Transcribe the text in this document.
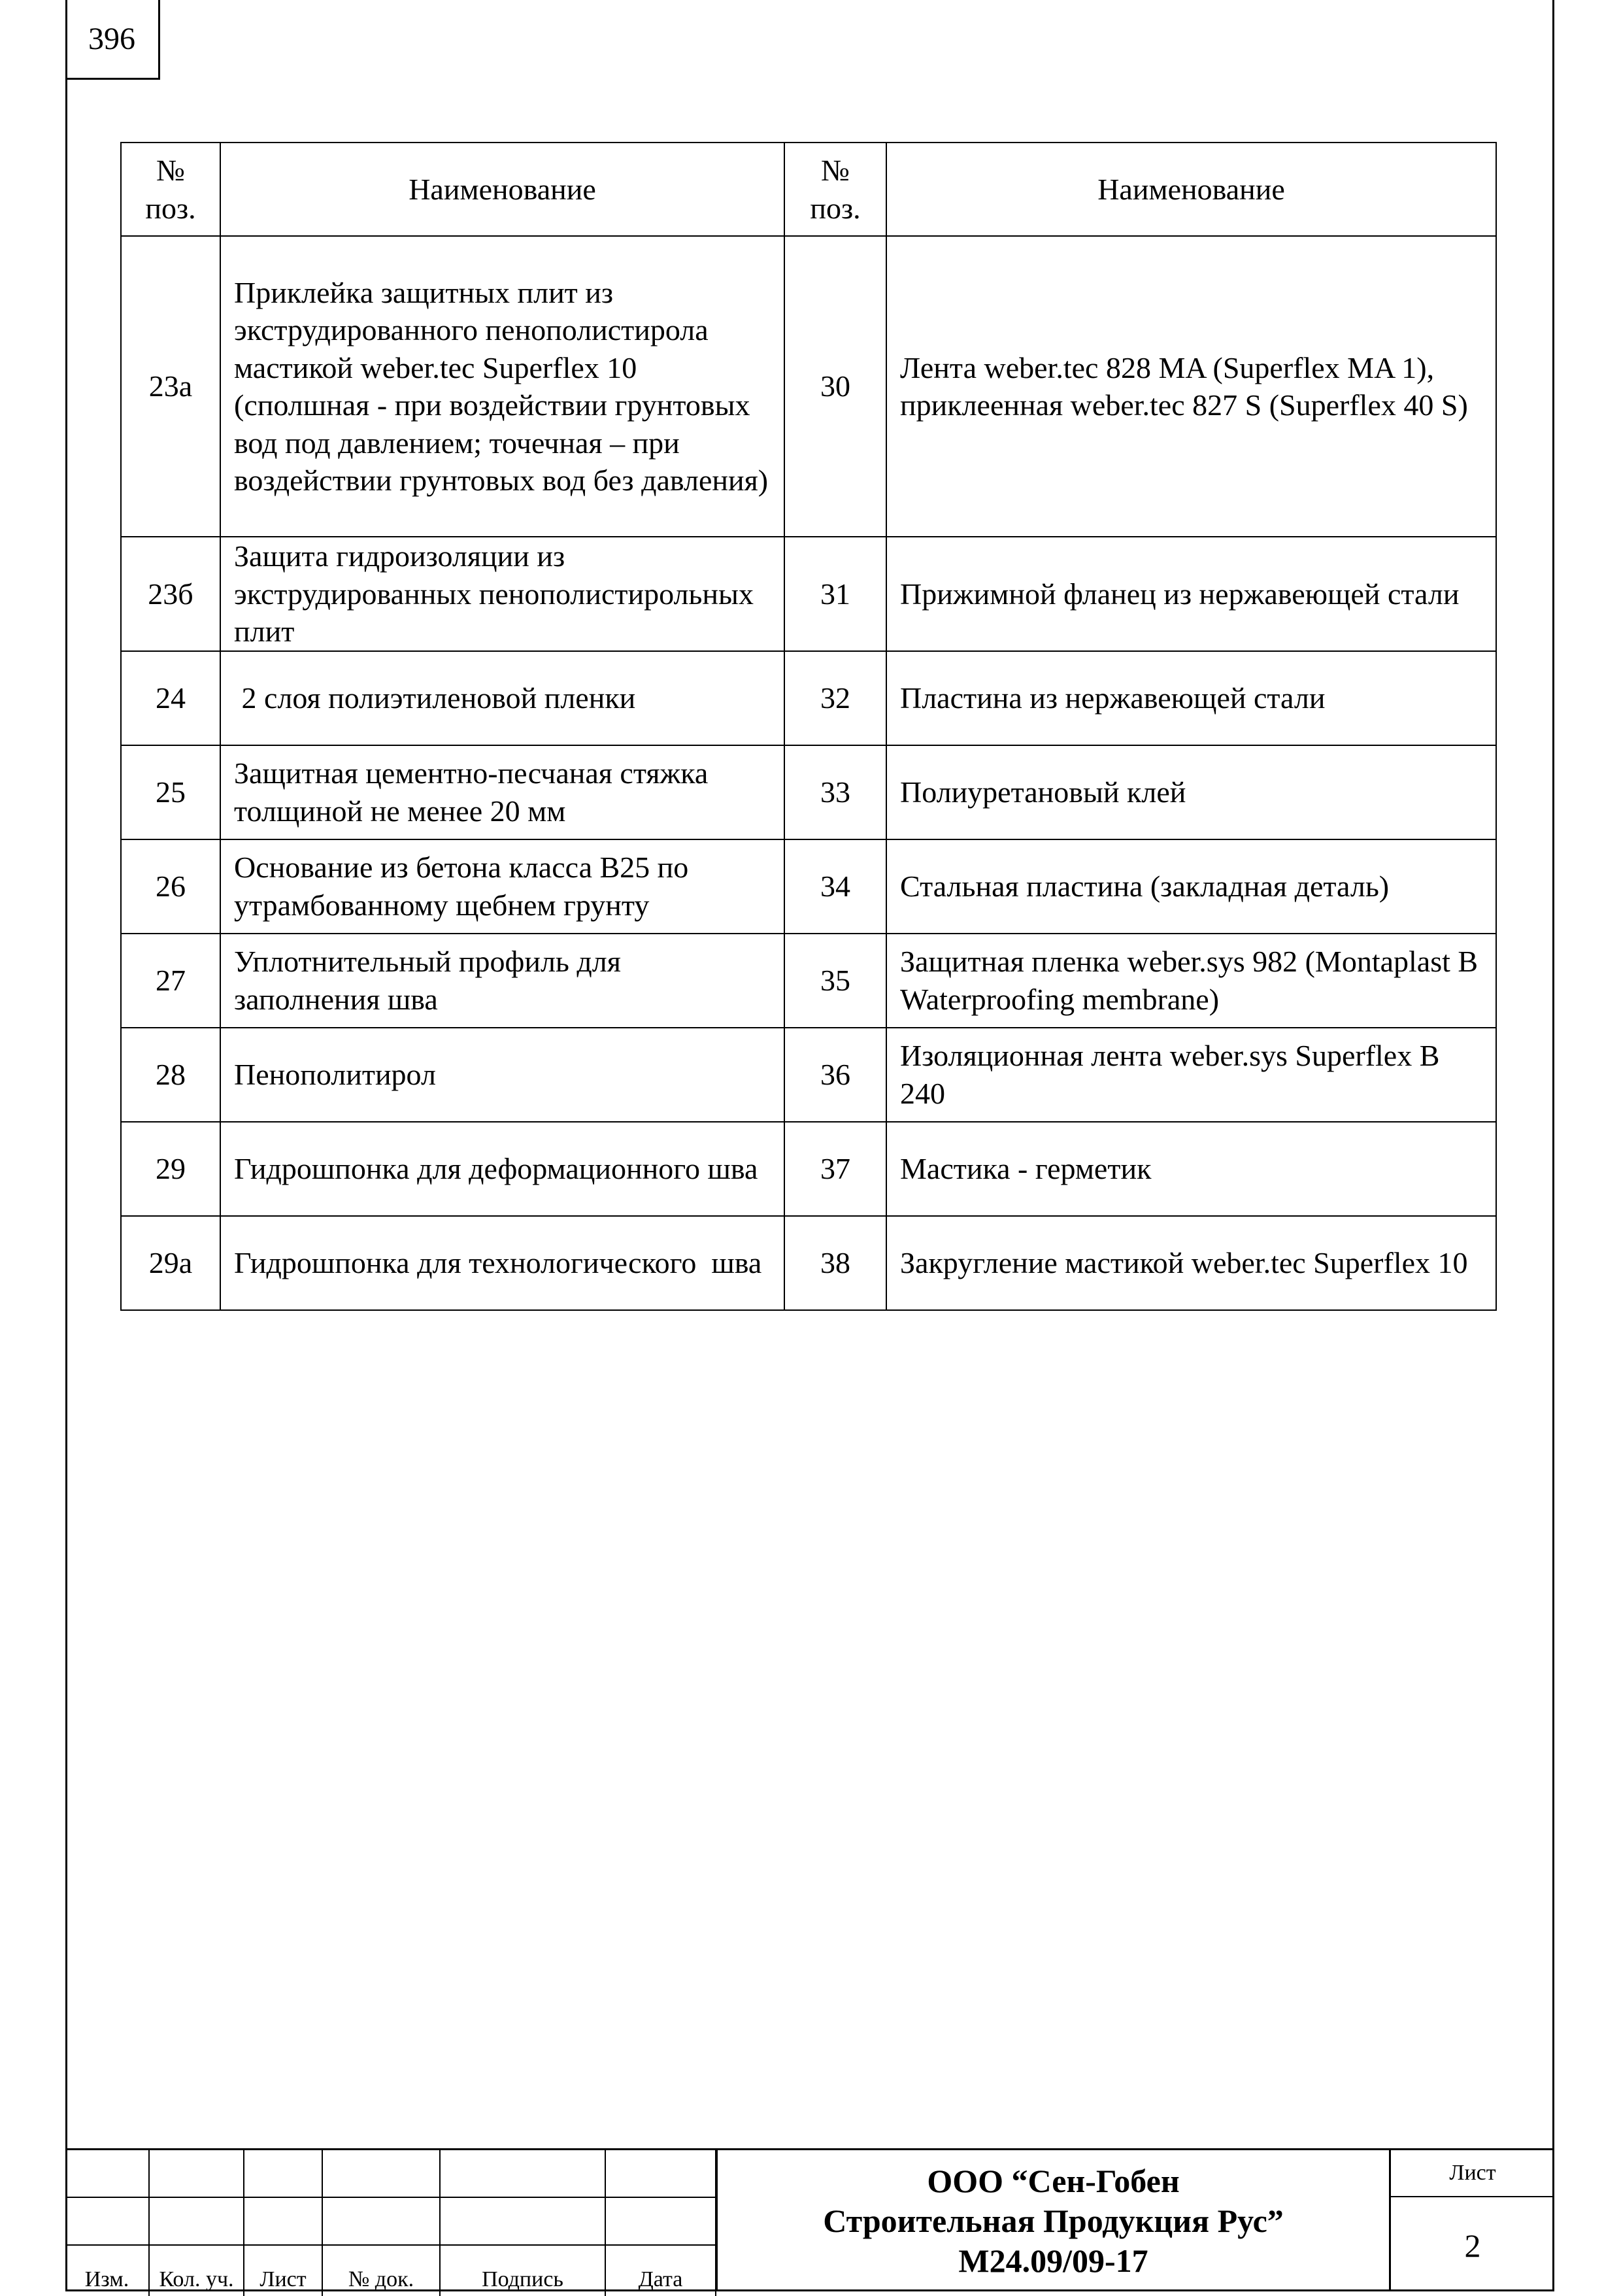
396
№ поз.	Наименование	№ поз.	Наименование
23а	Приклейка защитных плит из экструдированного пенополистирола мастикой weber.tec Superflex 10 (сполшная - при воздействии грунтовых вод под давлением; точечная – при воздействии грунтовых вод без давления)	30	Лента weber.tec 828 MA (Superflex MA 1), приклеенная weber.tec 827 S (Superflex 40 S)
23б	Защита гидроизоляции из экструдированных пенополистирольных плит	31	Прижимной фланец из нержавеющей стали
24	2 слоя полиэтиленовой пленки	32	Пластина из нержавеющей стали
25	Защитная цементно-песчаная стяжка толщиной не менее 20 мм	33	Полиуретановый клей
26	Основание из бетона класса В25 по утрамбованному щебнем грунту	34	Стальная пластина (закладная деталь)
27	Уплотнительный профиль для заполнения шва	35	Защитная пленка weber.sys 982 (Montaplast B Waterproofing membrane)
28	Пенополитирол	36	Изоляционная лента weber.sys Superflex B 240
29	Гидрошпонка для деформационного шва	37	Мастика - герметик
29а	Гидрошпонка для технологического  шва	38	Закругление мастикой weber.tec Superflex 10

Изм.	Кол. уч.	Лист	№ док.	Подпись	Дата
ООО “Сен-Гобен
Строительная Продукция Рус”
М24.09/09-17
Лист
2
